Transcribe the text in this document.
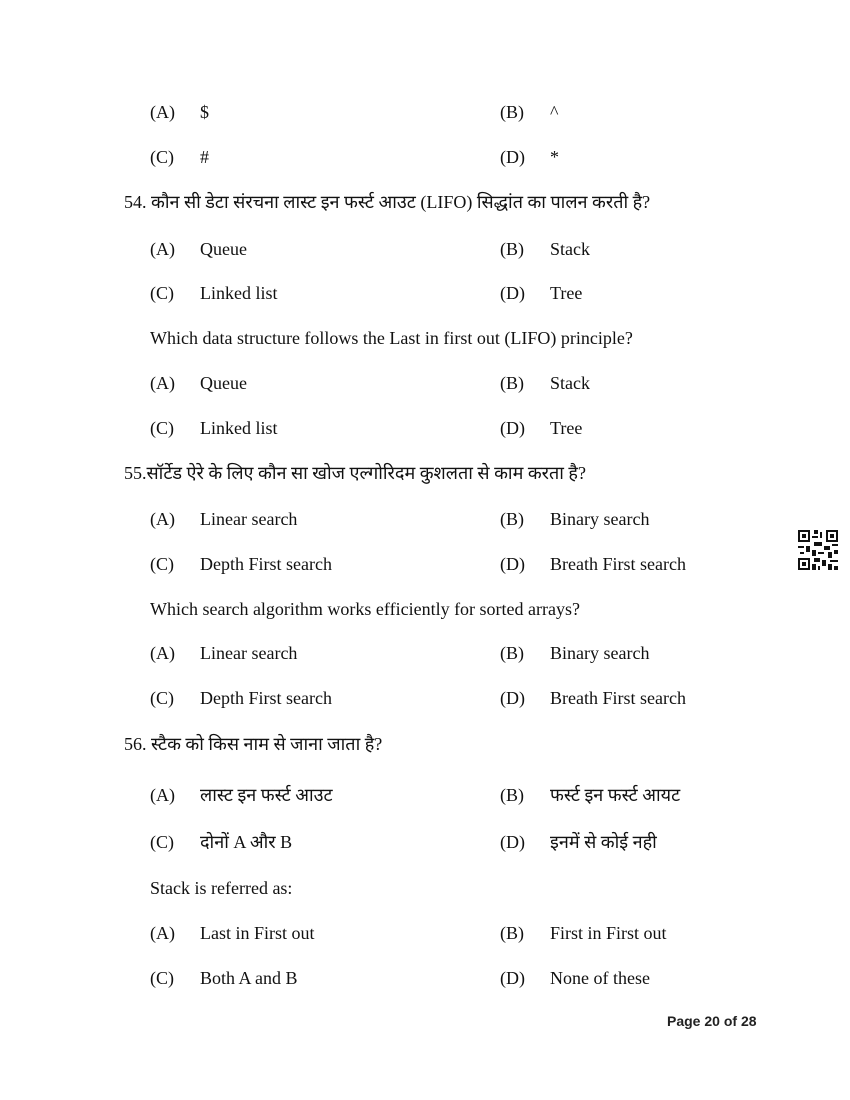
(A) $	(B) ^
(C) #	(D) *
54. कौन सी डेटा संरचना लास्ट इन फर्स्ट आउट (LIFO) सिद्धांत का पालन करती है?
(A) Queue	(B) Stack
(C) Linked list	(D) Tree
Which data structure follows the Last in first out (LIFO) principle?
(A) Queue	(B) Stack
(C) Linked list	(D) Tree
55.सॉर्टेड ऐरे के लिए कौन सा खोज एल्गोरिदम कुशलता से काम करता है?
(A) Linear search	(B) Binary search
(C) Depth First search	(D) Breath First search
Which search algorithm works efficiently for sorted arrays?
(A) Linear search	(B) Binary search
(C) Depth First search	(D) Breath First search
56. स्टैक को किस नाम से जाना जाता है?
(A) लास्ट इन फर्स्ट आउट	(B) फर्स्ट इन फर्स्ट आयट
(C) दोनों A और B	(D) इनमें से कोई नही
Stack is referred as:
(A) Last in First out	(B) First in First out
(C) Both A and B	(D) None of these
Page 20 of 28
